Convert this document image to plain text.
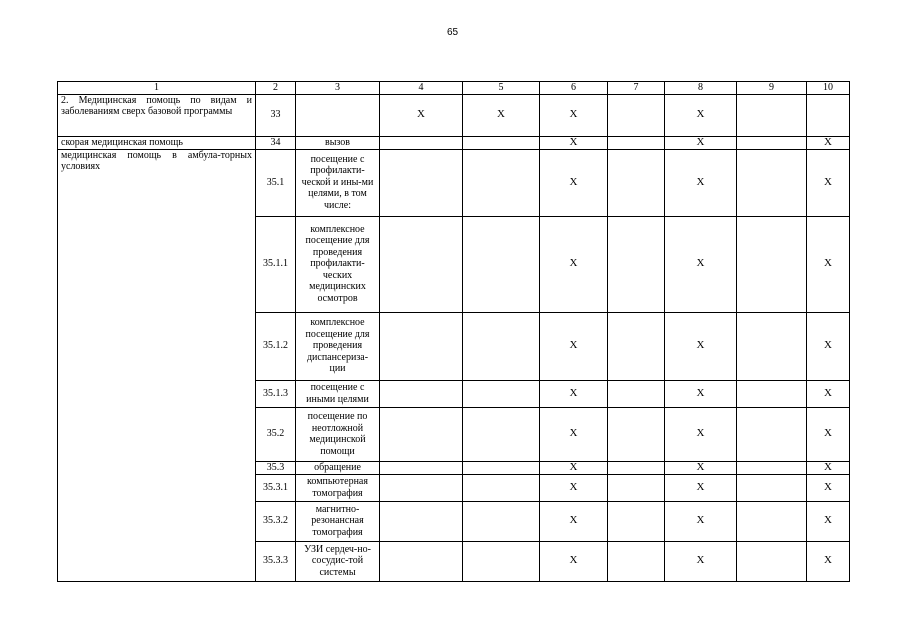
65
1	2	3	4	5	6	7	8	9	10
2. Медицинская помощь по видам и заболеваниям сверх базовой программы	33		Х	Х	Х		Х		
скорая медицинская помощь	34	вызов			Х		Х		Х
медицинская помощь в амбула-торных условиях	35.1	посещение с профилакти-ческой и ины-ми целями, в том числе:			Х		Х		Х
	35.1.1	комплексное посещение для проведения профилакти-ческих медицинских осмотров			Х		Х		Х
	35.1.2	комплексное посещение для проведения диспансериза-ции			Х		Х		Х
	35.1.3	посещение с иными целями			Х		Х		Х
	35.2	посещение по неотложной медицинской помощи			Х		Х		Х
	35.3	обращение			Х		Х		Х
	35.3.1	компьютерная томография			Х		Х		Х
	35.3.2	магнитно-резонансная томография			Х		Х		Х
	35.3.3	УЗИ сердеч-но-сосудис-той системы			Х		Х		Х
